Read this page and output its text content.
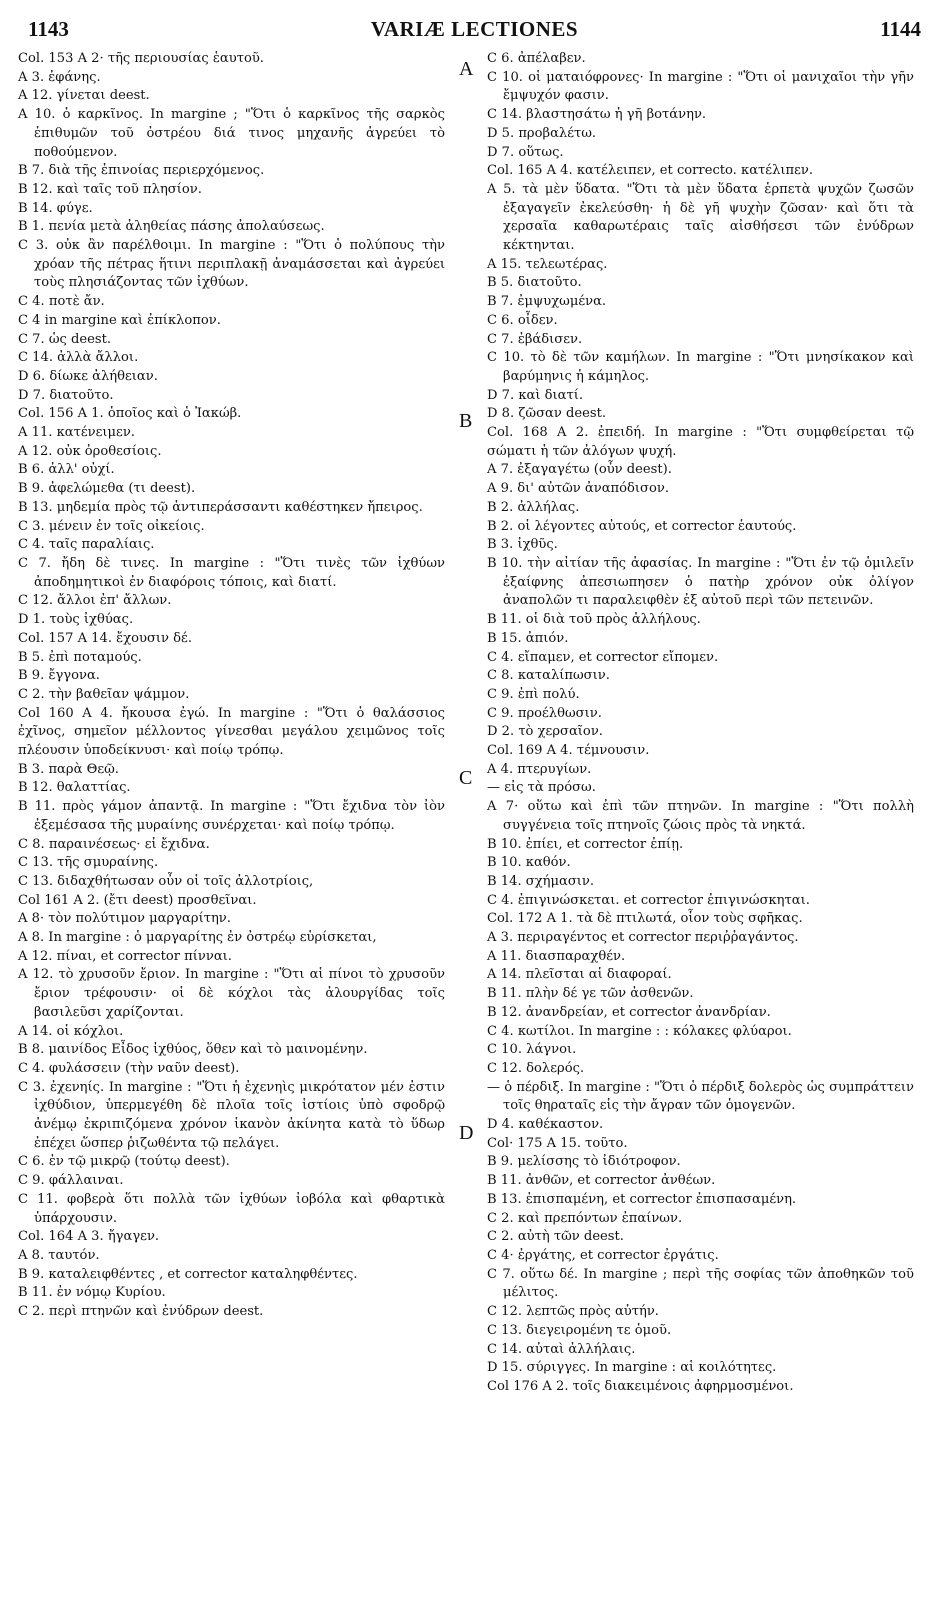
1143	VARIÆ LECTIONES	1144

Col. 153 A 2· τῆς περιουσίας ἑαυτοῦ.

A 3. ἐφάνης.

A 12. γίνεται deest.

A 10. ὁ καρκῖνος. In margine ; "Ὅτι ὁ καρκῖνος τῆς σαρκὸς ἐπιθυμῶν τοῦ ὀστρέου διά τινος μηχανῆς ἀγρεύει τὸ ποθούμενον.

B 7. διὰ τῆς ἐπινοίας περιερχόμενος.

B 12. καὶ ταῖς τοῦ πλησίον.

B 14. φύγε.

B 1. πενία μετὰ ἀληθείας πάσης ἀπολαύσεως.

C 3. οὐκ ἂν παρέλθοιμι. In margine : "Ὅτι ὁ πολύπους τὴν χρόαν τῆς πέτρας ἥτινι περιπλακῇ ἀναμάσσεται καὶ ἀγρεύει τοὺς πλησιάζοντας τῶν ἰχθύων.

C 4. ποτὲ ἄν.

C 4 in margine καὶ ἐπίκλοπον.

C 7. ὡς deest.

C 14. ἀλλὰ ἄλλοι.

D 6. δίωκε ἀλήθειαν.

D 7. διατοῦτο.

Col. 156 A 1. ὁποῖος καὶ ὁ Ἰακώβ.

A 11. κατένειμεν.

A 12. οὐκ ὀροθεσίοις.

B 6. ἀλλ' οὐχί.

B 9. ἀφελώμεθα (τι deest).

B 13. μηδεμία πρὸς τῷ ἀντιπεράσσαντι καθέστηκεν ἤπειρος.

C 3. μένειν ἐν τοῖς οἰκείοις.

C 4. ταῖς παραλίαις.

C 7. ἤδη δὲ τινες. In margine : "Ὅτι τινὲς τῶν ἰχθύων ἀποδημητικοὶ ἐν διαφόροις τόποις, καὶ διατί.

C 12. ἄλλοι ἐπ' ἄλλων.

D 1. τοὺς ἰχθύας.

Col. 157 A 14. ἔχουσιν δέ.

B 5. ἐπὶ ποταμούς.

B 9. ἔγγονα.

C 2. τὴν βαθεῖαν ψάμμον.

Col 160 A 4. ἤκουσα ἐγώ. In margine : "Ὅτι ὁ θαλάσσιος ἐχῖνος, σημεῖον μέλλοντος γίνεσθαι μεγάλου χειμῶνος τοῖς πλέουσιν ὑποδείκνυσι· καὶ ποίῳ τρόπῳ.

B 3. παρὰ Θεῷ.

B 12. θαλαττίας.

B 11. πρὸς γάμον ἀπαντᾷ. In margine : "Ὅτι ἔχιδνα τὸν ἰὸν ἐξεμέσασα τῆς μυραίνης συνέρχεται· καὶ ποίῳ τρόπῳ.

C 8. παραινέσεως· εἰ ἔχιδνα.

C 13. τῆς σμυραίνης.

C 13. διδαχθήτωσαν οὖν οἱ τοῖς ἀλλοτρίοις,

Col 161 A 2. (ἔτι deest) προσθεῖναι.

A 8· τὸν πολύτιμον μαργαρίτην.

A 8. In margine : ὁ μαργαρίτης ἐν ὀστρέῳ εὑρίσκεται,

A 12. πίναι, et corrector πίνναι.

A 12. τὸ χρυσοῦν ἔριον. In margine : "Ὅτι αἱ πίνοι τὸ χρυσοῦν ἔριον τρέφουσιν· οἱ δὲ κόχλοι τὰς ἀλουργίδας τοῖς βασιλεῦσι χαρίζονται.

A 14. οἱ κόχλοι.

B 8. μαινίδος Εἶδος ἰχθύος, ὅθεν καὶ τὸ μαινομένην.

C 4. φυλάσσειν (τὴν ναῦν deest).

C 3. ἐχενηίς. In margine : "Ὅτι ἡ ἐχενηὶς μικρότατον μέν ἐστιν ἰχθύδιον, ὑπερμεγέθη δὲ πλοῖα τοῖς ἱστίοις ὑπὸ σφοδρῷ ἀνέμῳ ἐκριπιζόμενα χρόνον ἱκανὸν ἀκίνητα κατὰ τὸ ὕδωρ ἐπέχει ὥσπερ ῥιζωθέντα τῷ πελάγει.

C 6. ἐν τῷ μικρῷ (τούτῳ deest).

C 9. φάλλαιναι.

C 11. φοβερὰ ὅτι πολλὰ τῶν ἰχθύων ἰοβόλα καὶ φθαρτικὰ ὑπάρχουσιν.

Col. 164 A 3. ἤγαγεν.

A 8. ταυτόν.

B 9. καταλειφθέντες , et corrector καταληφθέντες.

B 11. ἐν νόμῳ Κυρίου.

C 2. περὶ πτηνῶν καὶ ἐνύδρων deest.

C 6. ἀπέλαβεν.

C 10. οἱ ματαιόφρονες· In margine : "Ὅτι οἱ μανιχαῖοι τὴν γῆν ἔμψυχόν φασιν.

C 14. βλαστησάτω ἡ γῆ βοτάνην.

D 5. προβαλέτω.

D 7. οὕτως.

Col. 165 A 4. κατέλειπεν, et correcto. κατέλιπεν.

A 5. τὰ μὲν ὕδατα. "Ὅτι τὰ μὲν ὕδατα ἑρπετὰ ψυχῶν ζωσῶν ἐξαγαγεῖν ἐκελεύσθη· ἡ δὲ γῆ ψυχὴν ζῶσαν· καὶ ὅτι τὰ χερσαῖα καθαρωτέραις ταῖς αἰσθήσεσι τῶν ἐνύδρων κέκτηνται.

A 15. τελεωτέρας.

B 5. διατοῦτο.

B 7. ἐμψυχωμένα.

C 6. οἶδεν.

C 7. ἐβάδισεν.

C 10. τὸ δὲ τῶν καμήλων. In margine : "Ὅτι μνησίκακον καὶ βαρύμηνις ἡ κάμηλος.

D 7. καὶ διατί.

D 8. ζῶσαν deest.

Col. 168 A 2. ἐπειδή. In margine : "Ὅτι συμφθείρεται τῷ σώματι ἡ τῶν ἀλόγων ψυχή.

A 7. ἐξαγαγέτω (οὖν deest).

A 9. δι' αὐτῶν ἀναπόδισον.

B 2. ἀλλήλας.

B 2. οἱ λέγοντες αὐτούς, et corrector ἑαυτούς.

B 3. ἰχθῦς.

B 10. τὴν αἰτίαν τῆς ἀφασίας. In margine : "Ὅτι ἐν τῷ ὁμιλεῖν ἐξαίφνης ἀπεσιωπησεν ὁ πατὴρ χρόνον οὐκ ὀλίγον ἀναπολῶν τι παραλειφθὲν ἐξ αὐτοῦ περὶ τῶν πετεινῶν.

B 11. οἱ διὰ τοῦ πρὸς ἀλλήλους.

B 15. ἀπιόν.

C 4. εἴπαμεν, et corrector εἴπομεν.

C 8. καταλίπωσιν.

C 9. ἐπὶ πολύ.

C 9. προέλθωσιν.

D 2. τὸ χερσαῖον.

Col. 169 A 4. τέμνουσιν.

A 4. πτερυγίων.

— εἰς τὰ πρόσω.

A 7· οὕτω καὶ ἐπὶ τῶν πτηνῶν. In margine : "Ὅτι πολλὴ συγγένεια τοῖς πτηνοῖς ζώοις πρὸς τὰ νηκτά.

B 10. ἐπίει, et corrector ἐπίῃ.

B 10. καθόν.

B 14. σχήμασιν.

C 4. ἐπιγινώσκεται. et corrector ἐπιγινώσκηται.

Col. 172 A 1. τὰ δὲ πτιλωτά, οἷον τοὺς σφῆκας.

A 3. περιραγέντος et corrector περιῤῥαγάντος.

A 11. διασπαραχθέν.

A 14. πλεῖσται αἱ διαφοραί.

B 11. πλὴν δέ γε τῶν ἀσθενῶν.

B 12. ἀνανδρείαν, et corrector ἀνανδρίαν.

C 4. κωτίλοι. In margine : : κόλακες φλύαροι.

C 10. λάγνοι.

C 12. δολερός.

— ὁ πέρδιξ. In margine : "Ὅτι ὁ πέρδιξ δολερὸς ὡς συμπράττειν τοῖς θηραταῖς εἰς τὴν ἄγραν τῶν ὁμογενῶν.

D 4. καθέκαστον.

Col· 175 A 15. τοῦτο.

B 9. μελίσσης τὸ ἰδιότροφον.

B 11. ἀνθῶν, et corrector ἀνθέων.

B 13. ἐπισπαμένη, et corrector ἐπισπασαμένη.

C 2. καὶ πρεπόντων ἐπαίνων.

C 2. αὐτὴ τῶν deest.

C 4· ἐργάτης, et corrector ἐργάτις.

C 7. οὕτω δέ. In margine ; περὶ τῆς σοφίας τῶν ἀποθηκῶν τοῦ μέλιτος.

C 12. λεπτῶς πρὸς αὐτήν.

C 13. διεγειρομένη τε ὁμοῦ.

C 14. αὐταὶ ἀλλήλαις.

D 15. σύριγγες. In margine : αἱ κοιλότητες.

Col 176 A 2. τοῖς διακειμένοις ἀφηρμοσμένοι.

A
B
C
D
